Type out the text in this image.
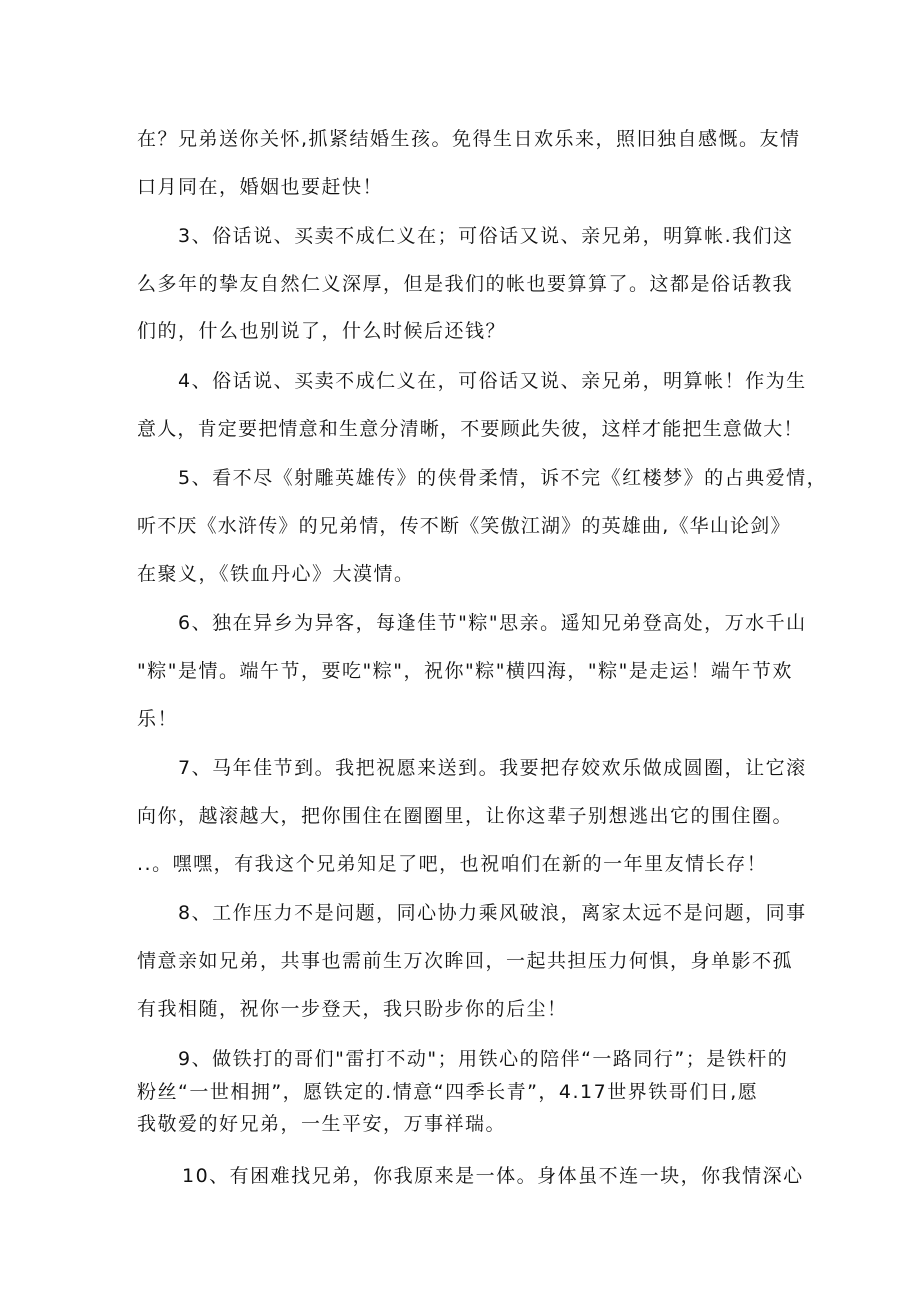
在？兄弟送你关怀,抓紧结婚生孩。免得生日欢乐来，照旧独自感慨。友情
口月同在，婚姻也要赶快！
3、俗话说、买卖不成仁义在；可俗话又说、亲兄弟，明算帐.我们这
么多年的挚友自然仁义深厚，但是我们的帐也要算算了。这都是俗话教我
们的，什么也别说了，什么时候后还钱？
4、俗话说、买卖不成仁义在，可俗话又说、亲兄弟，明算帐！作为生
意人，肯定要把情意和生意分清晰，不要顾此失彼，这样才能把生意做大！
5、看不尽《射雕英雄传》的侠骨柔情，诉不完《红楼梦》的占典爱情，
听不厌《水浒传》的兄弟情，传不断《笑傲江湖》的英雄曲,《华山论剑》
在聚义，《铁血丹心》大漠情。
6、独在异乡为异客，每逢佳节"粽"思亲。遥知兄弟登高处，万水千山
"粽"是情。端午节，要吃"粽"，祝你"粽"横四海，"粽"是走运！端午节欢
乐！
7、马年佳节到。我把祝愿来送到。我要把存姣欢乐做成圆圈，让它滚
向你，越滚越大，把你围住在圈圈里，让你这辈子别想逃出它的围住圈。
..。嘿嘿，有我这个兄弟知足了吧，也祝咱们在新的一年里友情长存！
8、工作压力不是问题，同心协力乘风破浪，离家太远不是问题，同事
情意亲如兄弟，共事也需前生万次眸回，一起共担压力何惧，身单影不孤
有我相随，祝你一步登天，我只盼步你的后尘！
9、做铁打的哥们"雷打不动"；用铁心的陪伴“一路同行”；是铁杆的
粉丝“一世相拥”，愿铁定的.情意“四季长青”，4.17世界铁哥们日,愿
我敬爱的好兄弟，一生平安，万事祥瑞。
10、有困难找兄弟，你我原来是一体。身体虽不连一块，你我情深心
